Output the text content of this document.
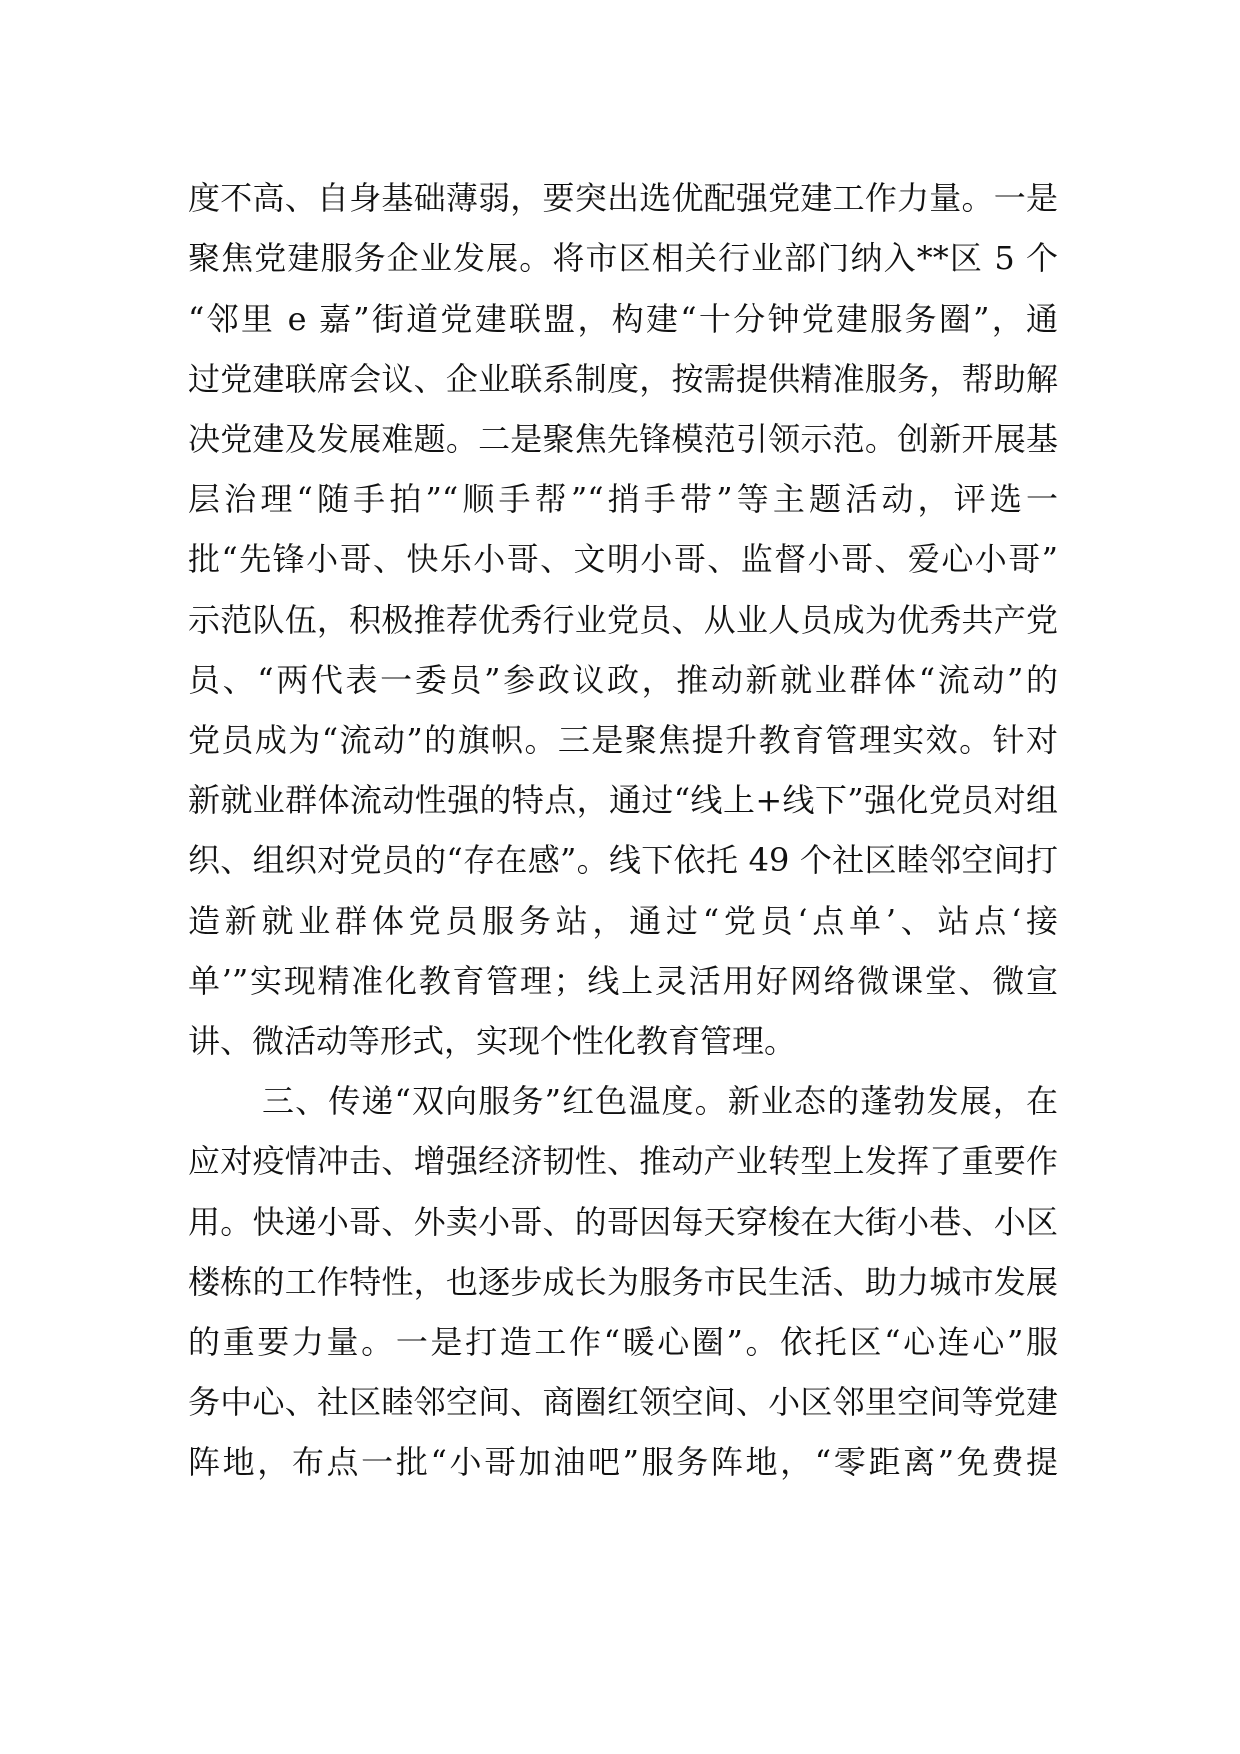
度不高、自身基础薄弱，要突出选优配强党建工作力量。一是
聚焦党建服务企业发展。将市区相关行业部门纳入**区 5 个
“邻里 e 嘉”街道党建联盟，构建“十分钟党建服务圈”，通
过党建联席会议、企业联系制度，按需提供精准服务，帮助解
决党建及发展难题。二是聚焦先锋模范引领示范。创新开展基
层治理“随手拍”“顺手帮”“捎手带”等主题活动，评选一
批“先锋小哥、快乐小哥、文明小哥、监督小哥、爱心小哥”
示范队伍，积极推荐优秀行业党员、从业人员成为优秀共产党
员、“两代表一委员”参政议政，推动新就业群体“流动”的
党员成为“流动”的旗帜。三是聚焦提升教育管理实效。针对
新就业群体流动性强的特点，通过“线上+线下”强化党员对组
织、组织对党员的“存在感”。线下依托 49 个社区睦邻空间打
造新就业群体党员服务站，通过“党员‘点单’、站点‘接
单’”实现精准化教育管理；线上灵活用好网络微课堂、微宣
讲、微活动等形式，实现个性化教育管理。
三、传递“双向服务”红色温度。新业态的蓬勃发展，在
应对疫情冲击、增强经济韧性、推动产业转型上发挥了重要作
用。快递小哥、外卖小哥、的哥因每天穿梭在大街小巷、小区
楼栋的工作特性，也逐步成长为服务市民生活、助力城市发展
的重要力量。一是打造工作“暖心圈”。依托区“心连心”服
务中心、社区睦邻空间、商圈红领空间、小区邻里空间等党建
阵地，布点一批“小哥加油吧”服务阵地，“零距离”免费提
